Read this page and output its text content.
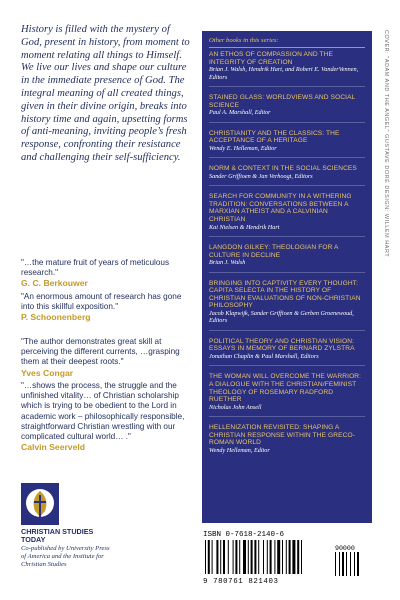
History is filled with the mystery of God, present in history, from moment to moment relating all things to Himself. We live our lives and shape our culture in the immediate presence of God. The integral meaning of all created things, given in their divine origin, breaks into history time and again, upsetting forms of anti-meaning, inviting people’s fresh response, confronting their resistance and challenging their self-sufficiency.

"…the mature fruit of years of meticulous research."
G. C. Berkouwer
"An enormous amount of research has gone into this skillful exposition."
P. Schoonenberg
"The author demonstrates great skill at perceiving the different currents, …grasping them at their deepest roots."
Yves Congar
"…shows the process, the struggle and the unfinished vitality… of Christian scholarship which is trying to be obedient to the Lord in academic work – philosophically responsible, straightforward Christian wrestling with our complicated cultural world… ."
Calvin Seerveld
CHRISTIAN STUDIES TODAY
Co-published by University Press of America and the Institute for Christian Studies
Other books in this series:
AN ETHOS OF COMPASSION AND THE INTEGRITY OF CREATION
Brian J. Walsh, Hendrik Hart, and Robert E. VanderVennen, Editors
STAINED GLASS: WORLDVIEWS AND SOCIAL SCIENCE
Paul A. Marshall, Editor
CHRISTIANITY AND THE CLASSICS: THE ACCEPTANCE OF A HERITAGE
Wendy E. Helleman, Editor
NORM & CONTEXT IN THE SOCIAL SCIENCES
Sander Griffioen & Jan Verhoogt, Editors
SEARCH FOR COMMUNITY IN A WITHERING TRADITION: CONVERSATIONS BETWEEN A MARXIAN ATHEIST AND A CALVINIAN CHRISTIAN
Kai Nielsen & Hendrik Hart
LANGDON GILKEY: THEOLOGIAN FOR A CULTURE IN DECLINE
Brian J. Walsh
BRINGING INTO CAPTIVITY EVERY THOUGHT: CAPITA SELECTA IN THE HISTORY OF CHRISTIAN EVALUATIONS OF NON-CHRISTIAN PHILOSOPHY
Jacob Klapwijk, Sander Griffioen & Gerben Groenewoud, Editors
POLITICAL THEORY AND CHRISTIAN VISION: ESSAYS IN MEMORY OF BERNARD ZYLSTRA
Jonathan Chaplin & Paul Marshall, Editors
THE WOMAN WILL OVERCOME THE WARRIOR: A DIALOGUE WITH THE CHRISTIAN/FEMINIST THEOLOGY OF ROSEMARY RADFORD RUETHER
Nicholas John Ansell
HELLENIZATION REVISITED: SHAPING A CHRISTIAN RESPONSE WITHIN THE GRECO-ROMAN WORLD
Wendy Helleman, Editor
COVER: "ADAM AND THE ANGEL" GUSTAVE DORÉ DESIGN: WILLEM HART
ISBN 0-7618-2140-6
90000
9 780761 821403
